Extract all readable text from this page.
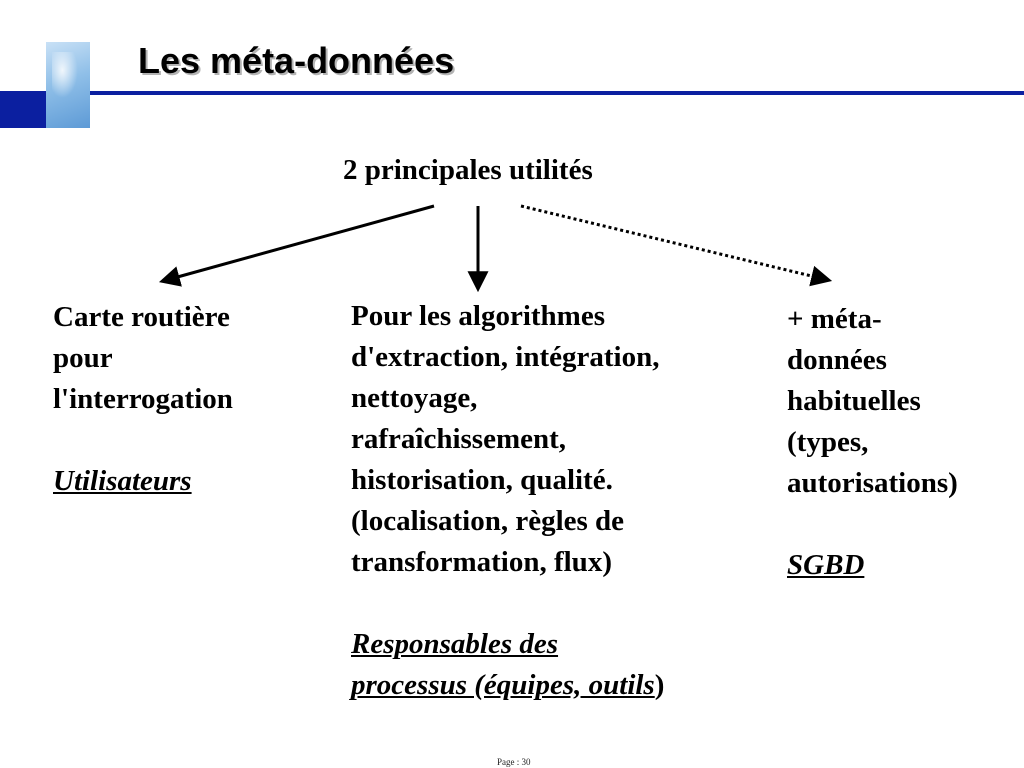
Les méta-données
2 principales utilités

Carte routière

pour

l'interrogation

Utilisateurs

Pour les algorithmes

d'extraction, intégration,

nettoyage,

rafraîchissement,

historisation, qualité.

(localisation, règles de

transformation, flux)

Responsables des

processus (équipes, outils)

+ méta-

données

habituelles

(types,

autorisations)

SGBD

Page : 30
